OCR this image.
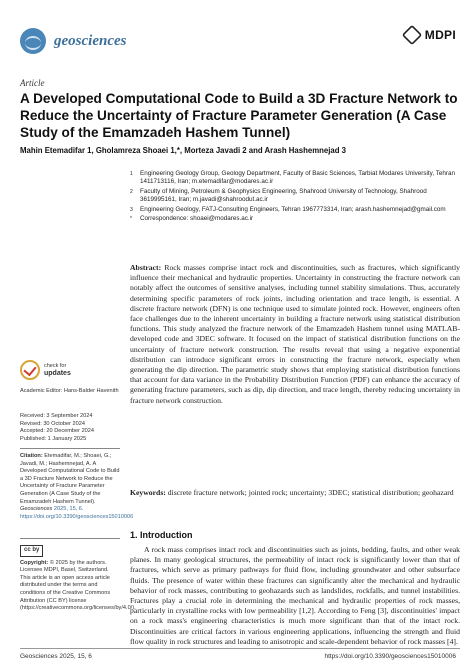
geosciences	MDPI
Article
A Developed Computational Code to Build a 3D Fracture Network to Reduce the Uncertainty of Fracture Parameter Generation (A Case Study of the Emamzadeh Hashem Tunnel)
Mahin Etemadifar 1, Gholamreza Shoaei 1,*, Morteza Javadi 2 and Arash Hashemnejad 3
1	Engineering Geology Group, Geology Department, Faculty of Basic Sciences, Tarbiat Modares University, Tehran 1411713116, Iran; m.etemadifar@modares.ac.ir
2	Faculty of Mining, Petroleum & Geophysics Engineering, Shahrood University of Technology, Shahrood 3619995161, Iran; m.javadi@shahroodut.ac.ir
3	Engineering Geology, FATJ-Consulting Engineers, Tehran 1967773314, Iran; arash.hashemnejad@gmail.com
*	Correspondence: shoaei@modares.ac.ir
Abstract: Rock masses comprise intact rock and discontinuities, such as fractures, which significantly influence their mechanical and hydraulic properties. Uncertainty in constructing the fracture network can notably affect the outcomes of sensitive analyses, including tunnel stability simulations. Thus, accurately determining specific parameters of rock joints, including orientation and trace length, is essential. A discrete fracture network (DFN) is one technique used to simulate jointed rock. However, engineers often face challenges due to the inherent uncertainty in building a fracture network using statistical distribution functions. This study analyzed the fracture network of the Emamzadeh Hashem tunnel using MATLAB-developed code and 3DEC software. It focused on the impact of statistical distribution functions on the uncertainty of fracture network construction. The results reveal that using a negative exponential distribution can introduce significant errors in constructing the fracture network, especially when generating the dip direction. The parametric study shows that employing statistical distribution functions that account for data variance in the Probability Distribution Function (PDF) can enhance the accuracy of generating fracture parameters, such as dip, dip direction, and trace length, thereby reducing uncertainty in fracture network construction.
Keywords: discrete fracture network; jointed rock; uncertainty; 3DEC; statistical distribution; geohazard
1. Introduction
A rock mass comprises intact rock and discontinuities such as joints, bedding, faults, and other weak planes. In many geological structures, the permeability of intact rock is significantly lower than that of fractures, which serve as primary pathways for fluid flow, including groundwater and other subsurface fluids. The presence of water within these fractures can significantly alter the mechanical and hydraulic behavior of rock masses, contributing to geohazards such as landslides, rockfalls, and tunnel instabilities. Fractures play a crucial role in determining the mechanical and hydraulic properties of rock masses, particularly in crystalline rocks with low permeability [1,2]. According to Feng [3], discontinuities' impact on a rock mass's engineering characteristics is much more significant than that of the intact rock. Discontinuities are critical factors in various engineering applications, influencing the strength and fluid flow quality in rock structures and leading to anisotropic and scale-dependent behavior of rock masses [4].
check for
updates
Academic Editor: Hans-Balder Havenith
Received: 3 September 2024
Revised: 30 October 2024
Accepted: 20 December 2024
Published: 1 January 2025
Citation: Etemadifar, M.; Shoaei, G.; Javadi, M.; Hashemnejad, A. A Developed Computational Code to Build a 3D Fracture Network to Reduce the Uncertainty of Fracture Parameter Generation (A Case Study of the Emamzadeh Hashem Tunnel). Geosciences 2025, 15, 6. https://doi.org/10.3390/geosciences15010006
cc by
Copyright: © 2025 by the authors. Licensee MDPI, Basel, Switzerland. This article is an open access article distributed under the terms and conditions of the Creative Commons Attribution (CC BY) license (https://creativecommons.org/licenses/by/4.0/).
Geosciences 2025, 15, 6	https://doi.org/10.3390/geosciences15010006
